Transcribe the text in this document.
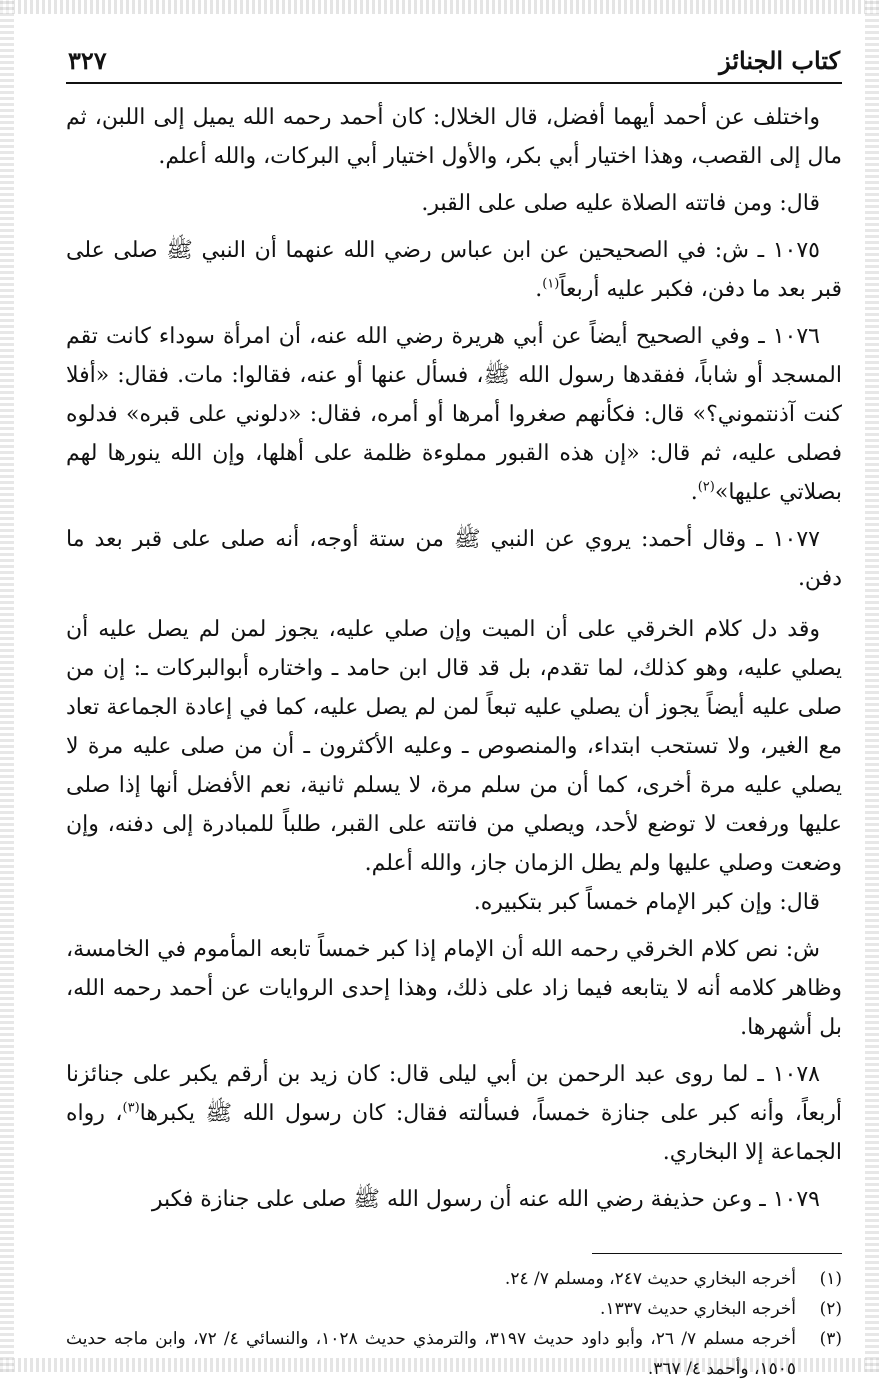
كتاب الجنائز
٣٢٧

واختلف عن أحمد أيهما أفضل، قال الخلال: كان أحمد رحمه الله يميل إلى اللبن، ثم مال إلى القصب، وهذا اختيار أبي بكر، والأول اختيار أبي البركات، والله أعلم.

قال: ومن فاتته الصلاة عليه صلى على القبر.

١٠٧٥ ـ ش: في الصحيحين عن ابن عباس رضي الله عنهما أن النبي ﷺ صلى على قبر بعد ما دفن، فكبر عليه أربعاً$^{(١)}$.

١٠٧٦ ـ وفي الصحيح أيضاً عن أبي هريرة رضي الله عنه، أن امرأة سوداء كانت تقم المسجد أو شاباً، ففقدها رسول الله ﷺ، فسأل عنها أو عنه، فقالوا: مات. فقال: «أفلا كنت آذنتموني؟» قال: فكأنهم صغروا أمرها أو أمره، فقال: «دلوني على قبره» فدلوه فصلى عليه، ثم قال: «إن هذه القبور مملوءة ظلمة على أهلها، وإن الله ينورها لهم بصلاتي عليها»$^{(٢)}$.

١٠٧٧ ـ وقال أحمد: يروي عن النبي ﷺ من ستة أوجه، أنه صلى على قبر بعد ما دفن.

وقد دل كلام الخرقي على أن الميت وإن صلي عليه، يجوز لمن لم يصل عليه أن يصلي عليه، وهو كذلك، لما تقدم، بل قد قال ابن حامد ـ واختاره أبوالبركات ـ: إن من صلى عليه أيضاً يجوز أن يصلي عليه تبعاً لمن لم يصل عليه، كما في إعادة الجماعة تعاد مع الغير، ولا تستحب ابتداء، والمنصوص ـ وعليه الأكثرون ـ أن من صلى عليه مرة لا يصلي عليه مرة أخرى، كما أن من سلم مرة، لا يسلم ثانية، نعم الأفضل أنها إذا صلى عليها ورفعت لا توضع لأحد، ويصلي من فاتته على القبر، طلباً للمبادرة إلى دفنه، وإن وضعت وصلي عليها ولم يطل الزمان جاز، والله أعلم.

قال: وإن كبر الإمام خمساً كبر بتكبيره.

ش: نص كلام الخرقي رحمه الله أن الإمام إذا كبر خمساً تابعه المأموم في الخامسة، وظاهر كلامه أنه لا يتابعه فيما زاد على ذلك، وهذا إحدى الروايات عن أحمد رحمه الله، بل أشهرها.

١٠٧٨ ـ لما روى عبد الرحمن بن أبي ليلى قال: كان زيد بن أرقم يكبر على جنائزنا أربعاً، وأنه كبر على جنازة خمساً، فسألته فقال: كان رسول الله ﷺ يكبرها$^{(٣)}$، رواه الجماعة إلا البخاري.

١٠٧٩ ـ وعن حذيفة رضي الله عنه أن رسول الله ﷺ صلى على جنازة فكبر

(١)
أخرجه البخاري حديث ٢٤٧، ومسلم ٧/ ٢٤.
(٢)
أخرجه البخاري حديث ١٣٣٧.
(٣)
أخرجه مسلم ٧/ ٢٦، وأبو داود حديث ٣١٩٧، والترمذي حديث ١٠٢٨، والنسائي ٤/ ٧٢، وابن ماجه حديث ١٥٠٥، وأحمد ٤/ ٣٦٧.
